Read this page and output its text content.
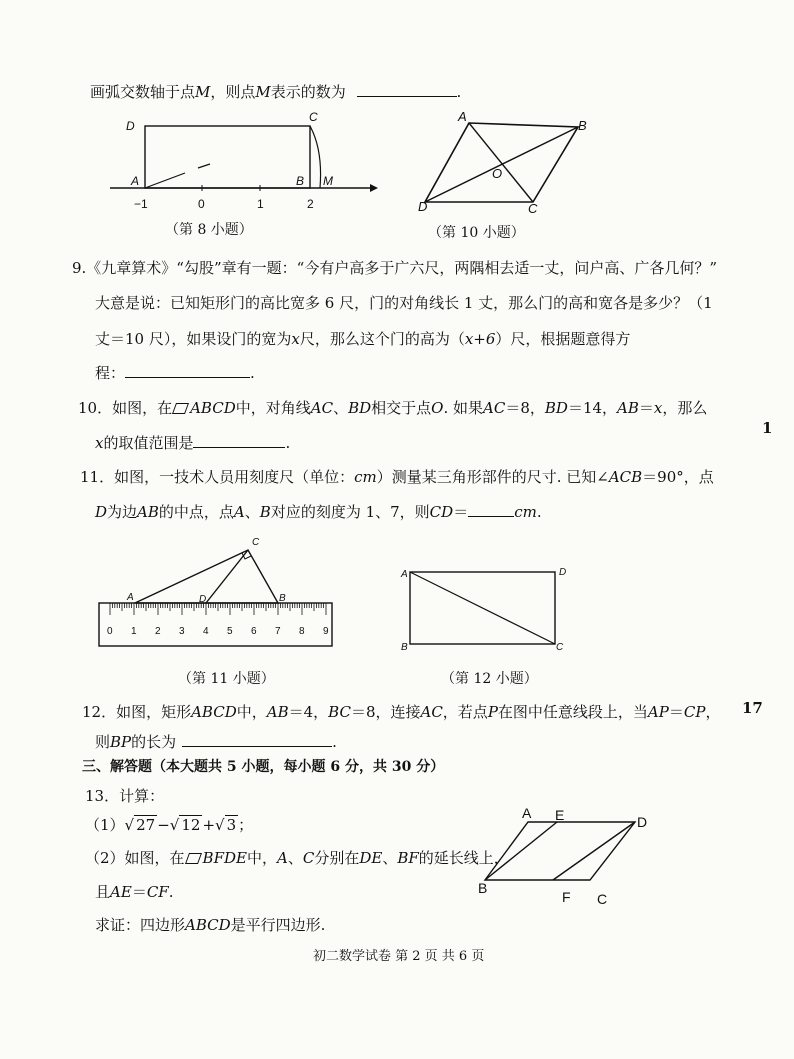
画弧交数轴于点M，则点M表示的数为	.
D
C
A	B M
−1	0	1	2
（第 8 小题）
A
B
O
D	C
（第 10 小题）
9.《九章算术》“勾股”章有一题：“今有户高多于广六尺，两隅相去适一丈，问户高、广各几何？”
大意是说：已知矩形门的高比宽多 6 尺，门的对角线长 1 丈，那么门的高和宽各是多少？（1
丈＝10 尺），如果设门的宽为x尺，那么这个门的高为（x+6）尺，根据题意得方
程：	.
10．如图，在 ABCD中，对角线AC、BD相交于点O. 如果AC＝8，BD＝14，AB＝x，那么
x的取值范围是	.
1
11．如图，一技术人员用刻度尺（单位：cm）测量某三角形部件的尺寸. 已知∠ACB＝90°，点
D为边AB的中点，点A、B对应的刻度为 1、7，则CD＝	cm.
C
A	D	B
0 1 2 3 4 5 6 7 8 9
（第 11 小题）
A	D
B	C
（第 12 小题）
12．如图，矩形ABCD中，AB＝4，BC＝8，连接AC，若点P在图中任意线段上，当AP＝CP，
则BP的长为	.
17
三、解答题（本大题共 5 小题，每小题 6 分，共 30 分）
13．计算：
（1）√ 27 −√ 12 +√ 3 ；
（2）如图，在 BFDE中，A、C分别在DE、BF的延长线上，
且AE＝CF.
求证：四边形ABCD是平行四边形.
A E	D
B
F C
初二数学试卷 第 2 页 共 6 页
